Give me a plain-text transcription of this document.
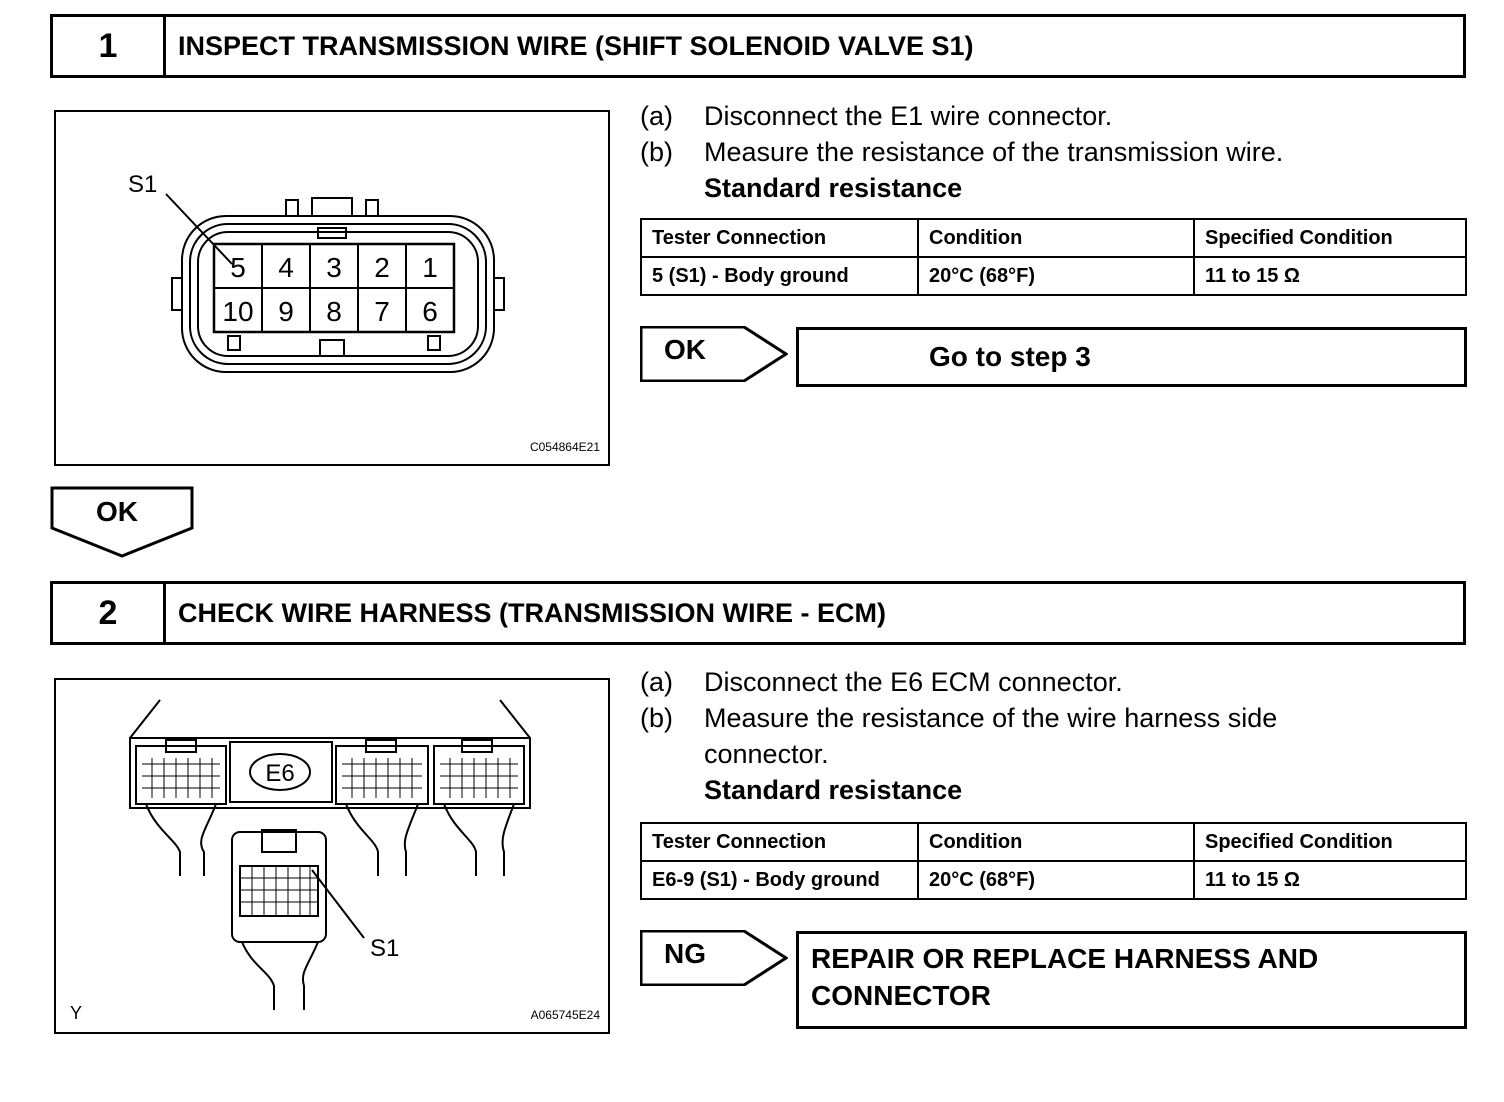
1	INSPECT TRANSMISSION WIRE (SHIFT SOLENOID VALVE S1)
S1
5 4 3 2 1
10 9 8 7 6
C054864E21
(a)	Disconnect the E1 wire connector.
(b)	Measure the resistance of the transmission wire.
Standard resistance
Tester Connection	Condition	Specified Condition
5 (S1) - Body ground	20°C (68°F)	11 to 15 Ω
OK	Go to step 3
OK
2	CHECK WIRE HARNESS (TRANSMISSION WIRE - ECM)
E6
S1
Y	A065745E24
(a)	Disconnect the E6 ECM connector.
(b)	Measure the resistance of the wire harness side connector.
Standard resistance
Tester Connection	Condition	Specified Condition
E6-9 (S1) - Body ground	20°C (68°F)	11 to 15 Ω
NG	REPAIR OR REPLACE HARNESS AND CONNECTOR
